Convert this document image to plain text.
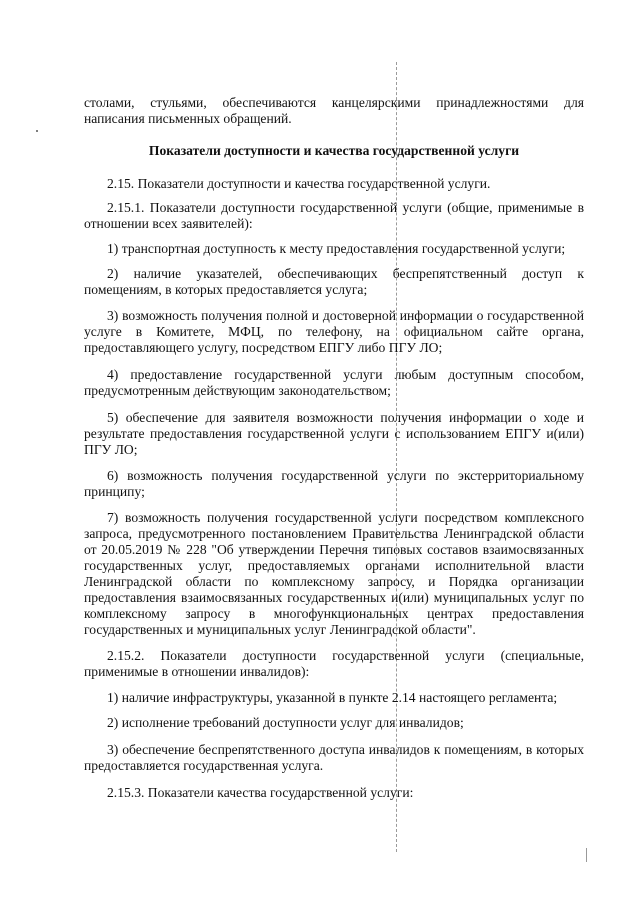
столами, стульями, обеспечиваются канцелярскими принадлежностями для написания письменных обращений.

Показатели доступности и качества государственной услуги

2.15. Показатели доступности и качества государственной услуги.

2.15.1. Показатели доступности государственной услуги (общие, применимые в отношении всех заявителей):

1) транспортная доступность к месту предоставления государственной услуги;

2) наличие указателей, обеспечивающих беспрепятственный доступ к помещениям, в которых предоставляется услуга;

3) возможность получения полной и достоверной информации о государственной услуге в Комитете, МФЦ, по телефону, на официальном сайте органа, предоставляющего услугу, посредством ЕПГУ либо ПГУ ЛО;

4) предоставление государственной услуги любым доступным способом, предусмотренным действующим законодательством;

5) обеспечение для заявителя возможности получения информации о ходе и результате предоставления государственной услуги с использованием ЕПГУ и(или) ПГУ ЛО;

6) возможность получения государственной услуги по экстерриториальному принципу;

7) возможность получения государственной услуги посредством комплексного запроса, предусмотренного постановлением Правительства Ленинградской области от 20.05.2019 № 228 "Об утверждении Перечня типовых составов взаимосвязанных государственных услуг, предоставляемых органами исполнительной власти Ленинградской области по комплексному запросу, и Порядка организации предоставления взаимосвязанных государственных и(или) муниципальных услуг по комплексному запросу в многофункциональных центрах предоставления государственных и муниципальных услуг Ленинградской области".

2.15.2. Показатели доступности государственной услуги (специальные, применимые в отношении инвалидов):

1) наличие инфраструктуры, указанной в пункте 2.14 настоящего регламента;

2) исполнение требований доступности услуг для инвалидов;

3) обеспечение беспрепятственного доступа инвалидов к помещениям, в которых предоставляется государственная услуга.

2.15.3. Показатели качества государственной услуги:
